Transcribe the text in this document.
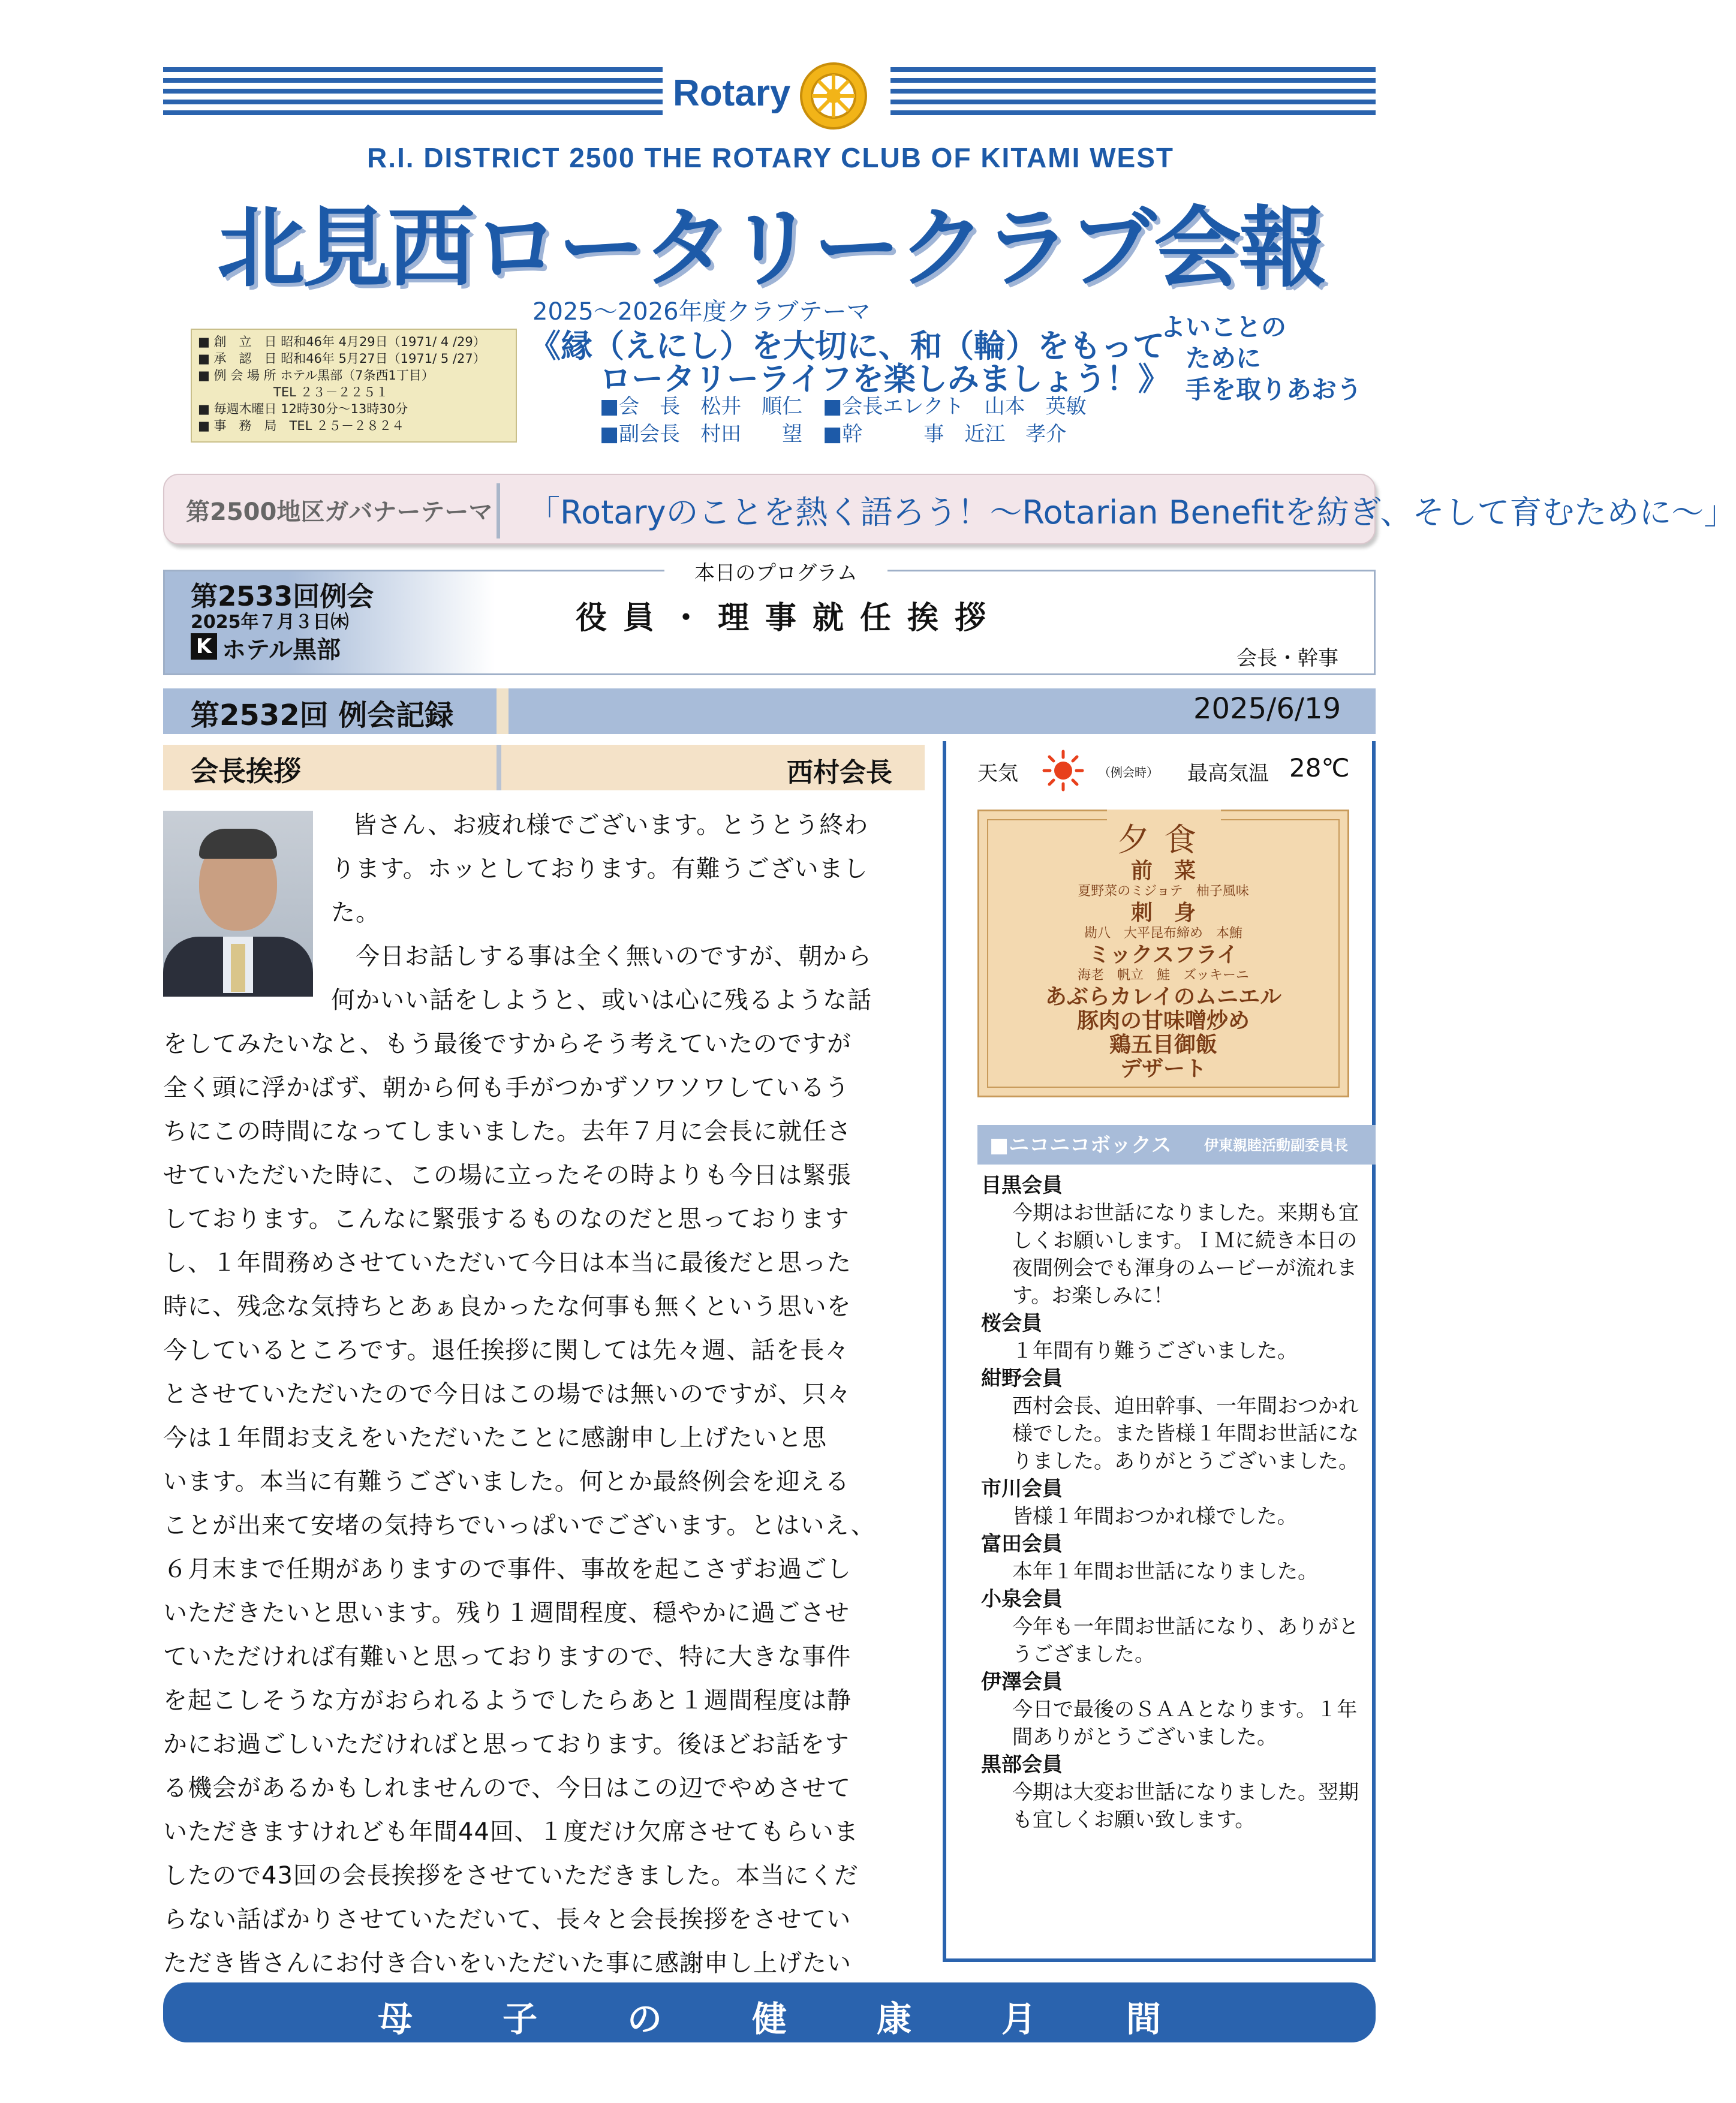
Rotary
R.I. DISTRICT 2500 THE ROTARY CLUB OF KITAMI WEST
北見西ロータリークラブ会報
■ 創　立　日 昭和46年 4月29日（1971/ 4 /29）
■ 承　認　日 昭和46年 5月27日（1971/ 5 /27）
■ 例 会 場 所 ホテル黒部（7条西1丁目）
　　　　　　TEL ２３－２２５１
■ 毎週木曜日 12時30分～13時30分
■ 事　務　局　TEL ２５－２８２４
2025～2026年度クラブテーマ
《縁（えにし）を大切に、和（輪）をもって
ロータリーライフを楽しみましょう！》
■会　長　松井　順仁　■会長エレクト　山本　英敏
■副会長　村田　　望　■幹　　　事　近江　孝介
よいことの
　ために
　手を取りあおう
第2500地区ガバナーテーマ 「Rotaryのことを熱く語ろう！～Rotarian Benefitを紡ぎ、そして育むために～」
第2533回例会
2025年７月３日㈭
K ホテル黒部
本日のプログラム
役員・理事就任挨拶
会長・幹事
第2532回 例会記録	2025/6/19
会長挨拶	西村会長
皆さん、お疲れ様でございます。とうとう終わ
ります。ホッとしております。有難うございまし
た。
　今日お話しする事は全く無いのですが、朝から
何かいい話をしようと、或いは心に残るような話
をしてみたいなと、もう最後ですからそう考えていたのですが
全く頭に浮かばず、朝から何も手がつかずソワソワしているう
ちにこの時間になってしまいました。去年７月に会長に就任さ
せていただいた時に、この場に立ったその時よりも今日は緊張
しております。こんなに緊張するものなのだと思っております
し、１年間務めさせていただいて今日は本当に最後だと思った
時に、残念な気持ちとあぁ良かったな何事も無くという思いを
今しているところです。退任挨拶に関しては先々週、話を長々
とさせていただいたので今日はこの場では無いのですが、只々
今は１年間お支えをいただいたことに感謝申し上げたいと思
います。本当に有難うございました。何とか最終例会を迎える
ことが出来て安堵の気持ちでいっぱいでございます。とはいえ、
６月末まで任期がありますので事件、事故を起こさずお過ごし
いただきたいと思います。残り１週間程度、穏やかに過ごさせ
ていただければ有難いと思っておりますので、特に大きな事件
を起こしそうな方がおられるようでしたらあと１週間程度は静
かにお過ごしいただければと思っております。後ほどお話をす
る機会があるかもしれませんので、今日はこの辺でやめさせて
いただきますけれども年間44回、１度だけ欠席させてもらいま
したので43回の会長挨拶をさせていただきました。本当にくだ
らない話ばかりさせていただいて、長々と会長挨拶をさせてい
ただき皆さんにお付き合いをいただいた事に感謝申し上げたい
天気	（例会時） 最高気温 28℃
夕食
前　菜
夏野菜のミジョテ　柚子風味
刺　身
勘八　大平昆布締め　本鮪
ミックスフライ
海老　帆立　鮭　ズッキーニ
あぶらカレイのムニエル
豚肉の甘味噌炒め
鶏五目御飯
デザート
■ニコニコボックス 伊東親睦活動副委員長
目黒会員
今期はお世話になりました。来期も宜しくお願いします。ＩＭに続き本日の夜間例会でも渾身のムービーが流れます。お楽しみに！
桜会員
１年間有り難うございました。
紺野会員
西村会長、迫田幹事、一年間おつかれ様でした。また皆様１年間お世話になりました。ありがとうございました。
市川会員
皆様１年間おつかれ様でした。
富田会員
本年１年間お世話になりました。
小泉会員
今年も一年間お世話になり、ありがとうござました。
伊澤会員
今日で最後のＳＡＡとなります。１年間ありがとうございました。
黒部会員
今期は大変お世話になりました。翌期も宜しくお願い致します。
母子の健康月間
